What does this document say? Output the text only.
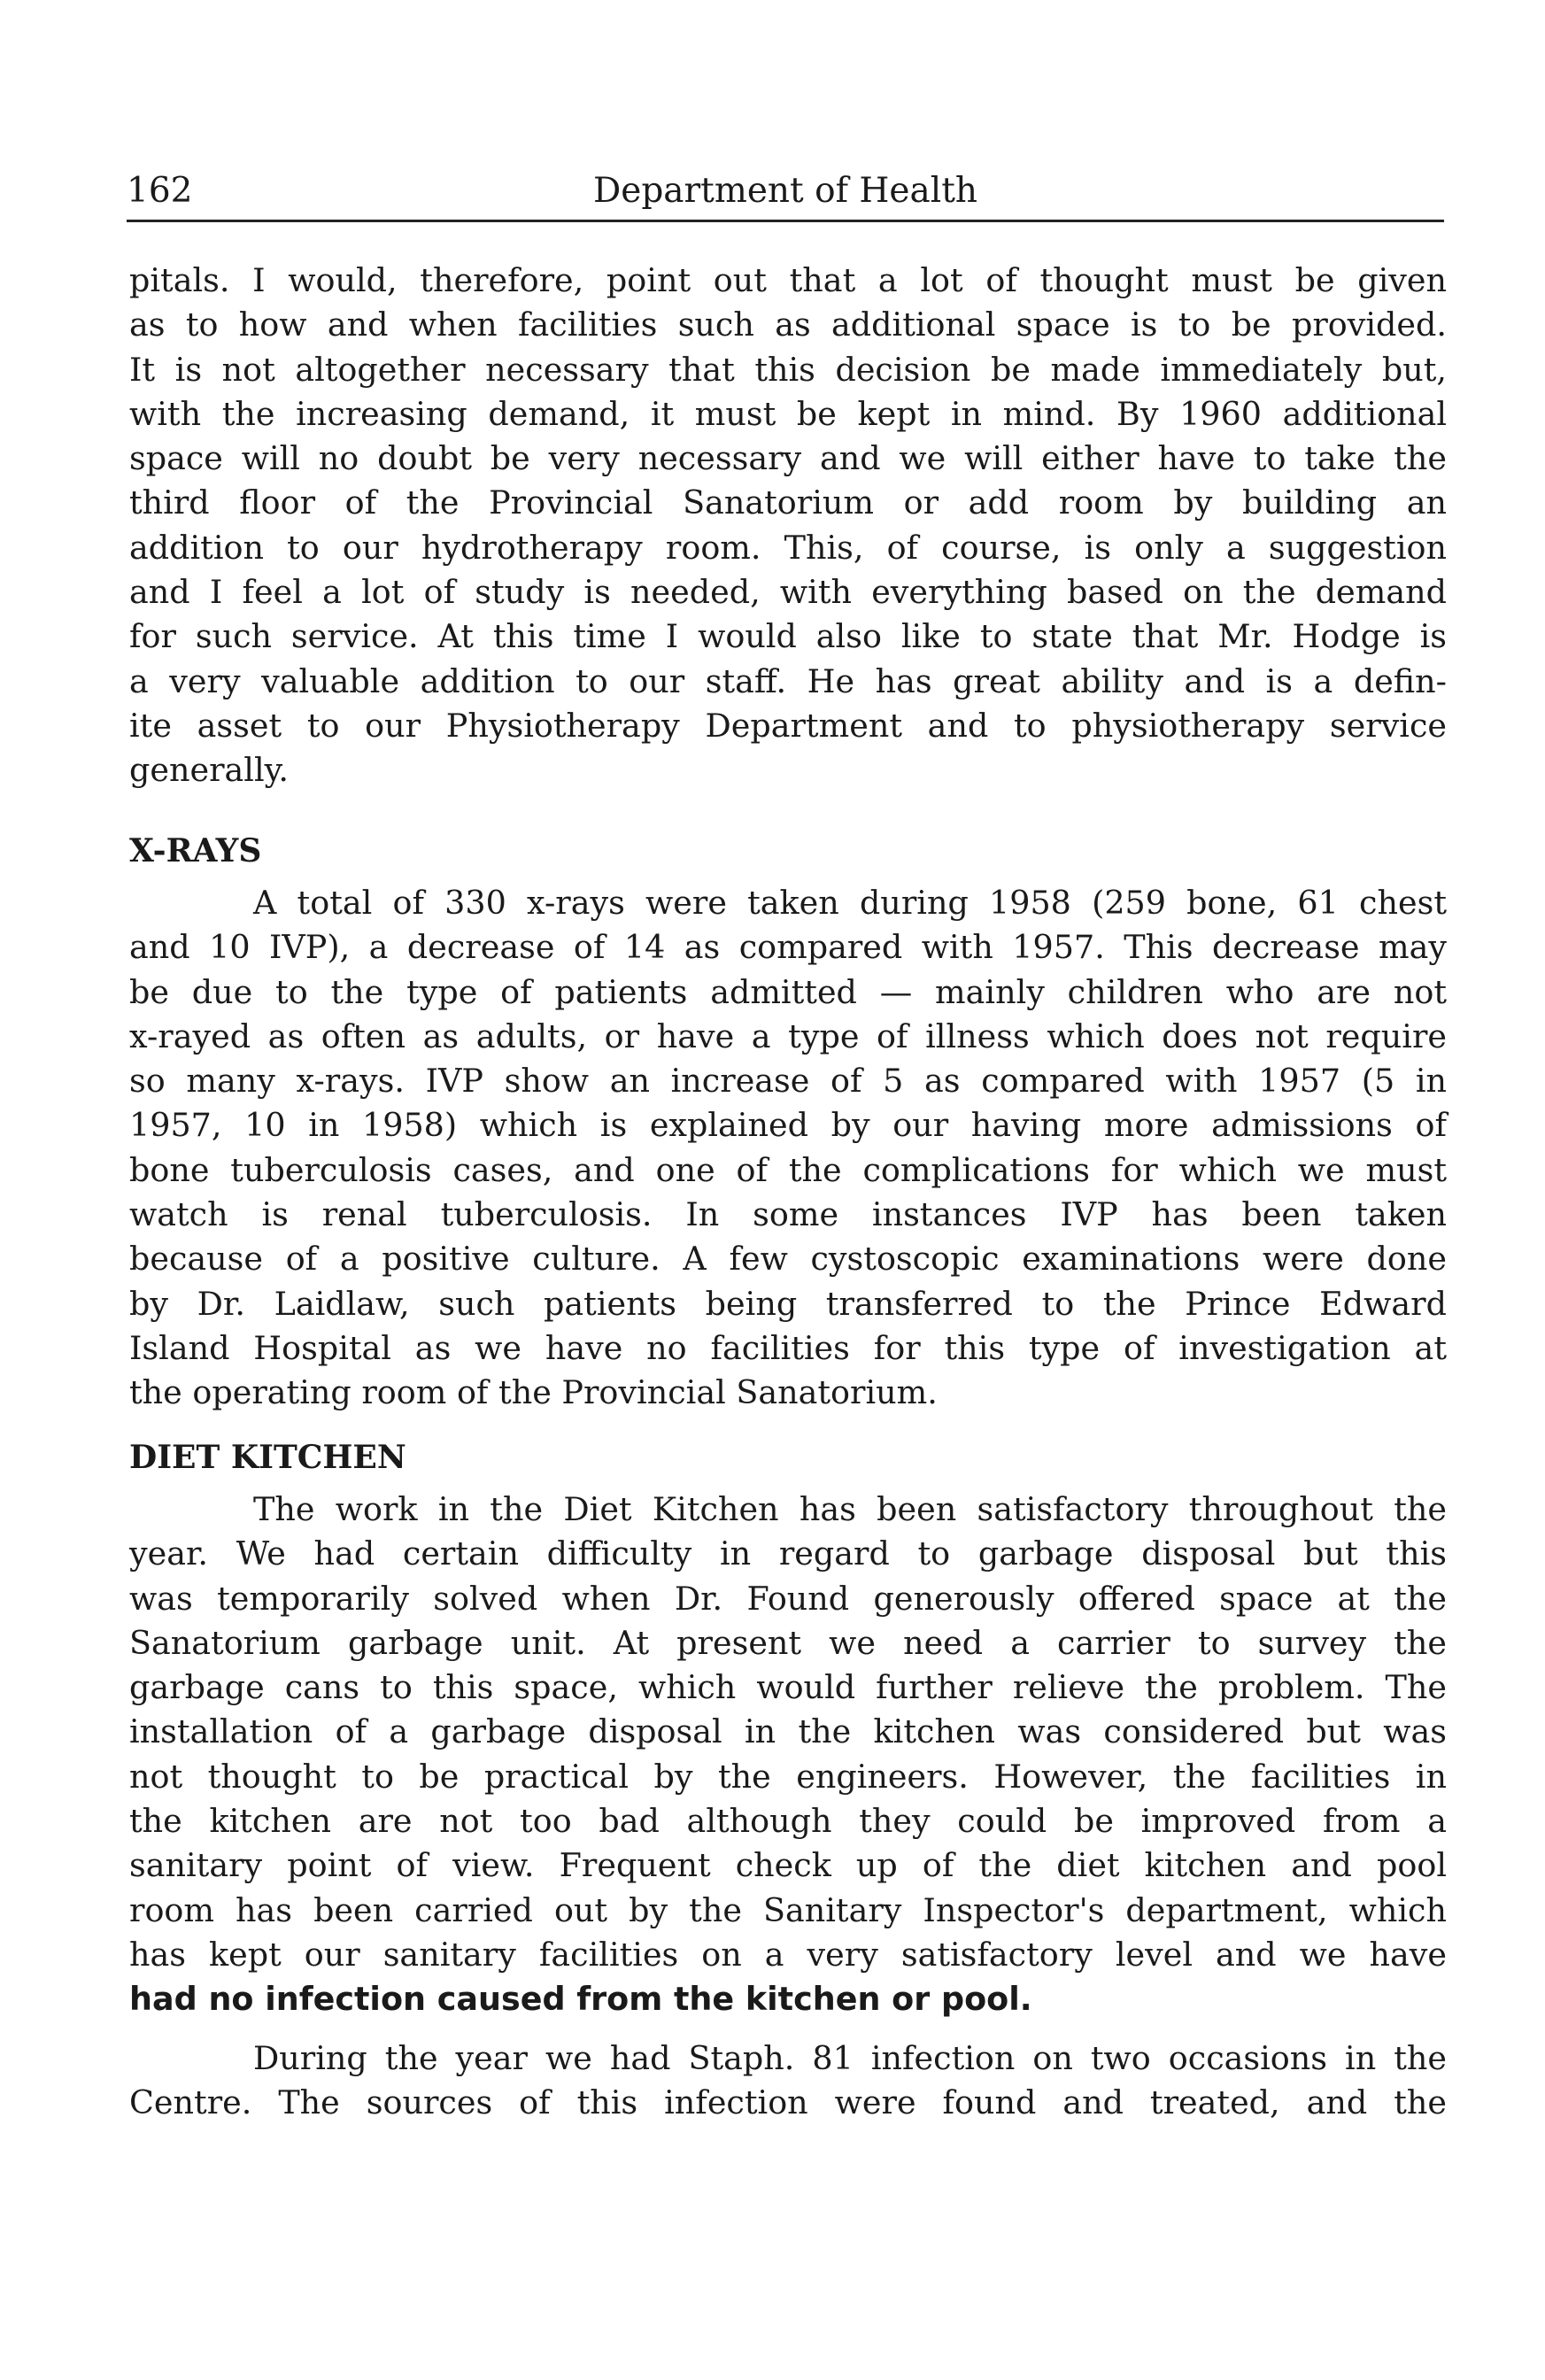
162	Department of Health
pitals. I would, therefore, point out that a lot of thought must be given
as to how and when facilities such as additional space is to be provided.
It is not altogether necessary that this decision be made immediately but,
with the increasing demand, it must be kept in mind. By 1960 additional
space will no doubt be very necessary and we will either have to take the
third floor of the Provincial Sanatorium or add room by building an
addition to our hydrotherapy room. This, of course, is only a suggestion
and I feel a lot of study is needed, with everything based on the demand
for such service. At this time I would also like to state that Mr. Hodge is
a very valuable addition to our staff. He has great ability and is a defin-
ite asset to our Physiotherapy Department and to physiotherapy service
generally.
X-RAYS
A total of 330 x-rays were taken during 1958 (259 bone, 61 chest
and 10 IVP), a decrease of 14 as compared with 1957. This decrease may
be due to the type of patients admitted — mainly children who are not
x-rayed as often as adults, or have a type of illness which does not require
so many x-rays. IVP show an increase of 5 as compared with 1957 (5 in
1957, 10 in 1958) which is explained by our having more admissions of
bone tuberculosis cases, and one of the complications for which we must
watch is renal tuberculosis. In some instances IVP has been taken
because of a positive culture. A few cystoscopic examinations were done
by Dr. Laidlaw, such patients being transferred to the Prince Edward
Island Hospital as we have no facilities for this type of investigation at
the operating room of the Provincial Sanatorium.
DIET KITCHEN
The work in the Diet Kitchen has been satisfactory throughout the
year. We had certain difficulty in regard to garbage disposal but this
was temporarily solved when Dr. Found generously offered space at the
Sanatorium garbage unit. At present we need a carrier to survey the
garbage cans to this space, which would further relieve the problem. The
installation of a garbage disposal in the kitchen was considered but was
not thought to be practical by the engineers. However, the facilities in
the kitchen are not too bad although they could be improved from a
sanitary point of view. Frequent check up of the diet kitchen and pool
room has been carried out by the Sanitary Inspector's department, which
has kept our sanitary facilities on a very satisfactory level and we have
had no infection caused from the kitchen or pool.
During the year we had Staph. 81 infection on two occasions in the
Centre. The sources of this infection were found and treated, and the
